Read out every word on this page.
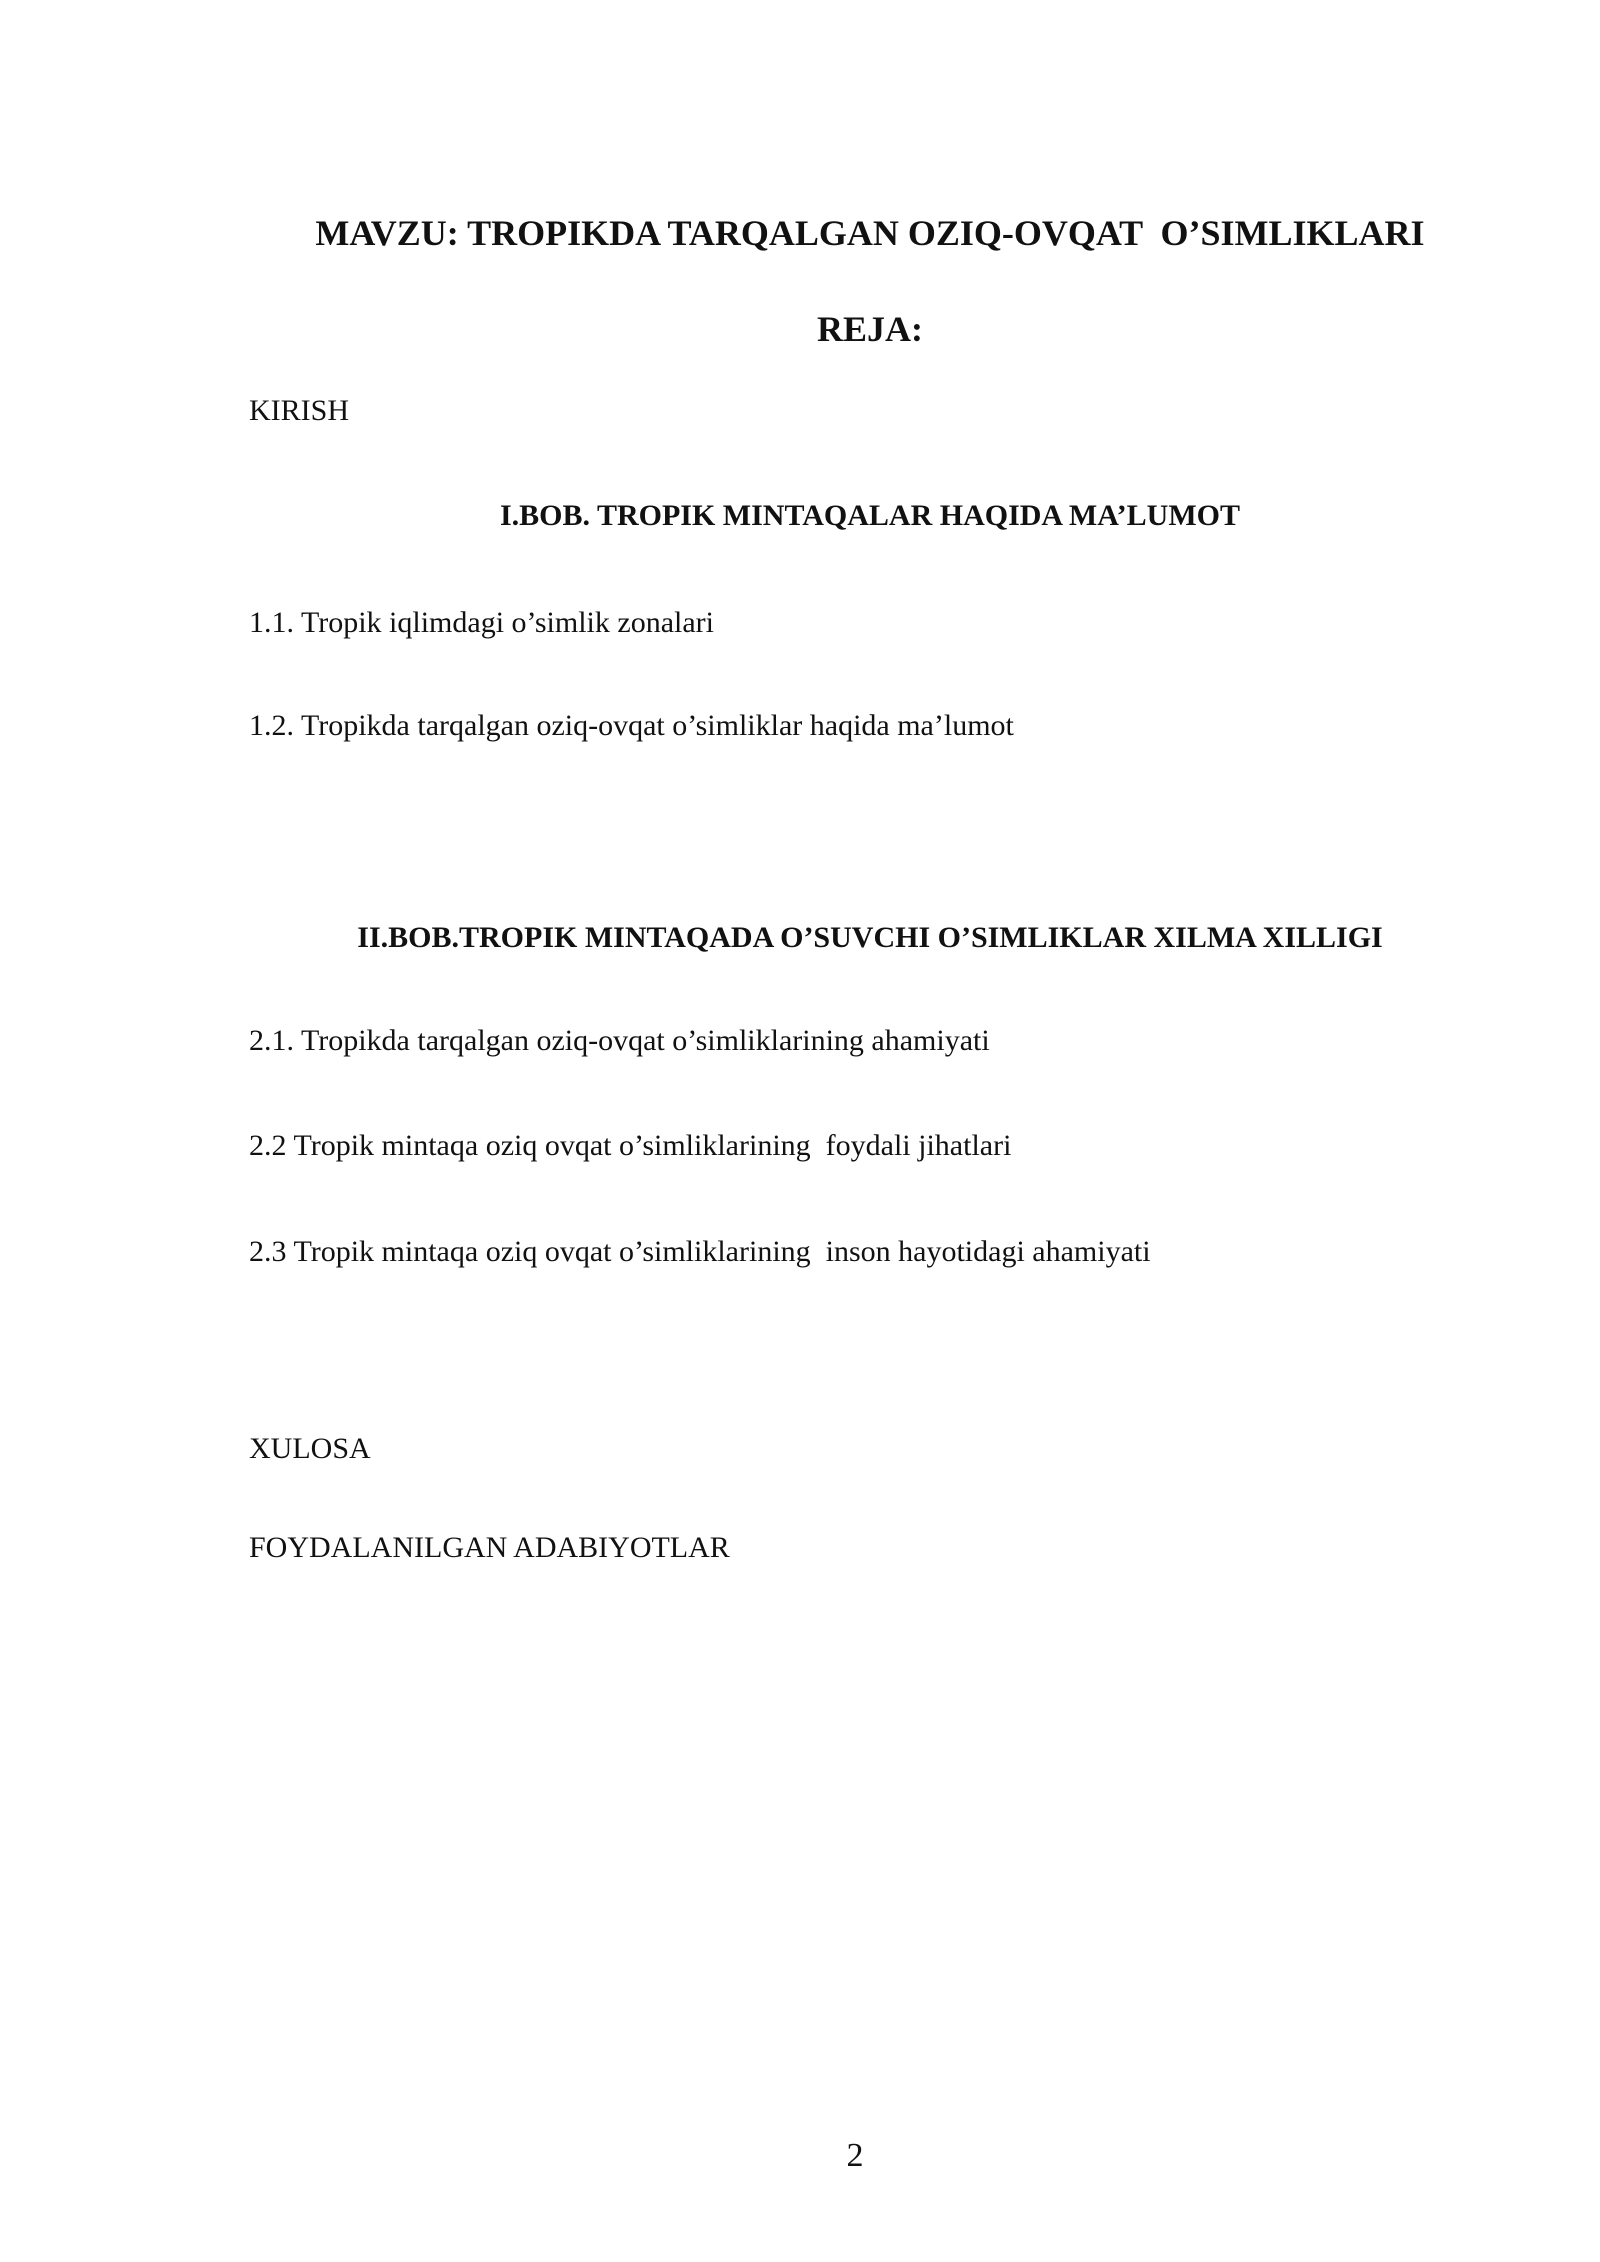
MAVZU: TROPIKDA TARQALGAN OZIQ-OVQAT  O’SIMLIKLARI
REJA:
KIRISH
I.BOB. TROPIK MINTAQALAR HAQIDA MA’LUMOT
1.1. Tropik iqlimdagi o’simlik zonalari
1.2. Tropikda tarqalgan oziq-ovqat o’simliklar haqida ma’lumot
II.BOB.TROPIK MINTAQADA O’SUVCHI O’SIMLIKLAR XILMA XILLIGI
2.1. Tropikda tarqalgan oziq-ovqat o’simliklarining ahamiyati
2.2 Tropik mintaqa oziq ovqat o’simliklarining  foydali jihatlari
2.3 Tropik mintaqa oziq ovqat o’simliklarining  inson hayotidagi ahamiyati
XULOSA
FOYDALANILGAN ADABIYOTLAR
2
